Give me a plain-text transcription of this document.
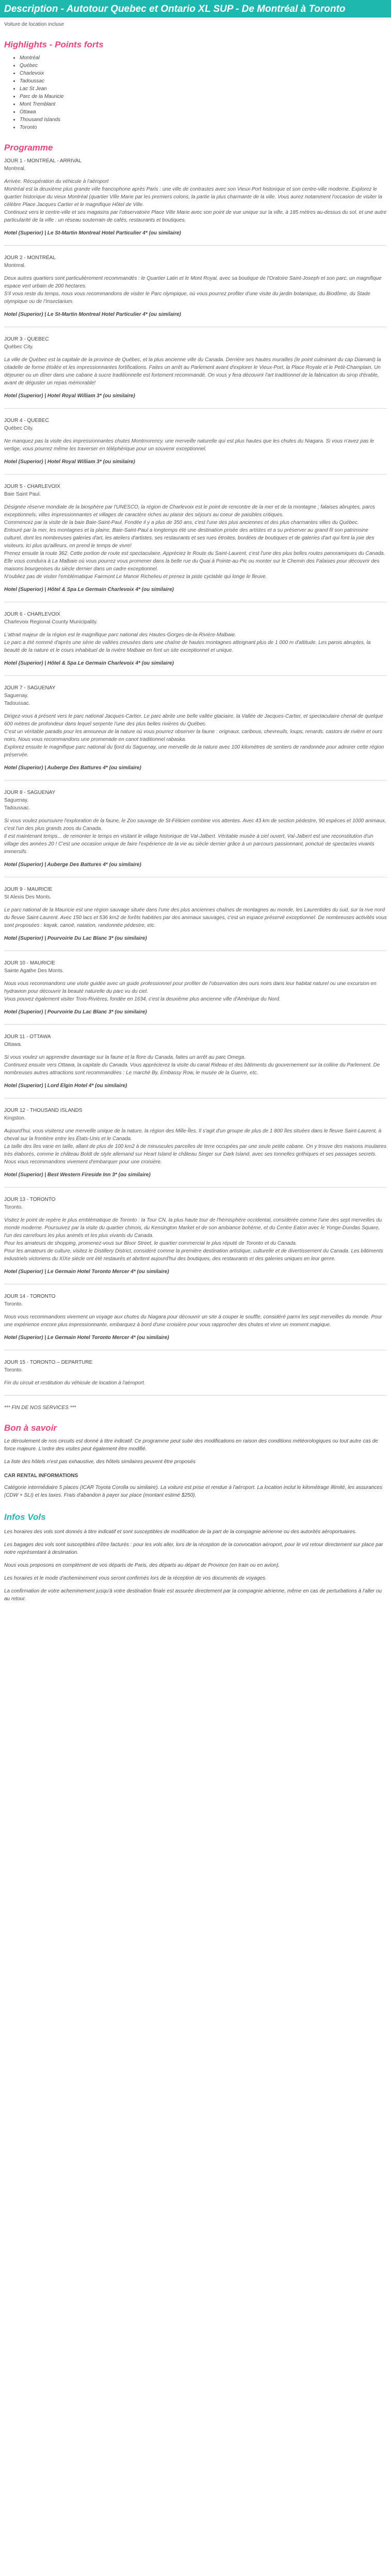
Description - Autotour Quebec et Ontario XL SUP - De Montréal à Toronto
Voiture de location incluse
Highlights - Points forts
• Montréal
• Québec
• Charlevoix
• Tadoussac
• Lac St Jean
• Parc de la Mauricie
• Mont Tremblant
• Ottawa
• Thousand Islands
• Toronto
Programme
JOUR 1 - MONTRÉAL - ARRIVAL
Montreal.

Arrivée. Récupération du véhicule à l'aéroport

Montréal est la deuxième plus grande ville francophone après Paris : une ville de contrastes avec son Vieux-Port historique et son centre-ville moderne. Explorez le quartier historique du vieux Montréal (quartier Ville Marie par les premiers colons, la partie la plus charmante de la ville. Vous aurez notamment l'occasion de visiter la célèbre Place Jacques Cartier et le magnifique Hôtel de Ville.

Continuez vers le centre-ville et ses magasins par l'observatoire Place Ville Marie avec son point de vue unique sur la ville, à 185 mètres au-dessus du sol, et une autre particularité de la ville : un réseau souterrain de cafés, restaurants et boutiques.

Hotel (Superior) | Le St-Martin Montreal Hotel Particulier 4* (ou similaire)
JOUR 2 - MONTRÉAL
Montreal.

Deux autres quartiers sont particulièrement recommandés : le Quartier Latin et le Mont Royal, avec sa boutique de l'Oratoire Saint-Joseph et son parc, un magnifique espace vert urbain de 200 hectares.

S'il vous reste du temps, nous vous recommandons de visiter le Parc olympique, où vous pourrez profiter d'une visite du jardin botanique, du Biodôme, du Stade olympique ou de l'Insectarium.

Hotel (Superior) | Le St-Martin Montreal Hotel Particulier 4* (ou similaire)
JOUR 3 - QUEBEC
Québec City.

La ville de Québec est la capitale de la province de Québec, et la plus ancienne ville du Canada. Derrière ses hautes murailles (le point culminant du cap Diamant) la citadelle de forme étoilée et les impressionnantes fortifications. Faites un arrêt au Parlement avant d'explorer le Vieux-Port, la Place Royale et le Petit-Champlain. Un déjeuner ou un dîner dans une cabane à sucre traditionnelle est fortement recommandé. On vous y fera découvrir l'art traditionnel de la fabrication du sirop d'érable, avant de déguster un repas mémorable!

Hotel (Superior) | Hotel Royal William 3* (ou similaire)
JOUR 4 - QUEBEC
Québec City.

Ne manquez pas la visite des impressionnantes chutes Montmorency, une merveille naturelle qui est plus hautes que les chutes du Niagara. Si vous n'avez pas le vertige, vous pourrez même les traverser en téléphérique pour un souvenir exceptionnel.

Hotel (Superior) | Hotel Royal William 3* (ou similaire)
JOUR 5 - CHARLEVOIX
Baie Saint Paul.

Désignée réserve mondiale de la biosphère par l'UNESCO, la région de Charlevoix est le point de rencontre de la mer et de la montagne ; falaises abruptes, parcs exceptionnels, villes impressionnantes et villages de caractère riches au plaisir des séjours au coeur de paisibles critiques.

Commencez par la visite de la baie Baie-Saint-Paul. Fondée il y a plus de 350 ans, c'est l'une des plus anciennes et des plus charmantes villes du Québec.

Entouré par la mer, les montagnes et la plaine, Baie-Saint-Paul a longtemps été une destination prisée des artistes et a su préserver au grand fil son patrimoine culturel, dont les nombreuses galeries d'art, les ateliers d'artistes, ses restaurants et ses rues étroites, bordées de boutiques et de galeries d'art qui font la joie des visiteurs. Ici plus qu'ailleurs, on prend le temps de vivre!

Prenez ensuite la route 362. Cette portion de route est spectaculaire. Appréciez le Route du Saint-Laurent, c'est l'une des plus belles routes panoramiques du Canada.

Elle vous conduira à La Malbaie où vous pourrez vous promener dans la belle rue du Quai à Pointe-au-Pic ou monter sur le Chemin des Falaises pour découvrir des maisons bourgeoises du siècle dernier dans un cadre exceptionnel.

N'oubliez pas de visiter l'emblématique Fairmont Le Manoir Richelieu et prenez la piste cyclable qui longe le fleuve.

Hotel (Superior) | Hôtel & Spa Le Germain Charlevoix 4* (ou similaire)
JOUR 6 - CHARLEVOIX
Charlevoix Regional County Municipality.

L'attrait majeur de la région est le magnifique parc national des Hautes-Gorges-de-la-Rivière-Malbaie.

Le parc a été nommé d'après une série de vallées creusées dans une chaîne de hautes montagnes atteignant plus de 1 000 m d'altitude. Les parois abruptes, la beauté de la nature et le cours inhabituel de la rivière Malbaie en font un site exceptionnel et unique.

Hotel (Superior) | Hôtel & Spa Le Germain Charlevoix 4* (ou similaire)
JOUR 7 - SAGUENAY
Saguenay.
Tadoussac.

Dirigez-vous à présent vers le parc national Jacques-Cartier. Le parc abrite une belle vallée glaciaire, la Vallée de Jacques-Cartier, et spectaculaire chenal de quelque 600 mètres de profondeur dans lequel serpente l'une des plus belles rivières du Québec.

C'est un véritable paradis pour les amoureux de la nature où vous pourrez observer la faune : orignaux, caribous, chevreuils, loups, renards, castors de rivière et ours noirs. Nous vous recommandons une promenade en canot traditionnel rabaska.

Explorez ensuite le magnifique parc national du fjord du Saguenay, une merveille de la nature avec 100 kilomètres de sentiers de randonnée pour admirer cette région préservée.

Hotel (Superior) | Auberge Des Battures 4* (ou similaire)
JOUR 8 - SAGUENAY
Saguenay.
Tadoussac.

Si vous voulez poursuivre l'exploration de la faune, le Zoo sauvage de St-Félicien combine vos attentes. Avec 43 km de section pédestre, 90 espèces et 1000 animaux, c'est l'un des plus grands zoos du Canada.

Il est maintenant temps... de remonter le temps en visitant le village historique de Val-Jalbert. Véritable musée à ciel ouvert, Val-Jalbert est une reconstitution d'un village des années 20 ! C'est une occasion unique de faire l'expérience de la vie au siècle dernier grâce à un parcours passionnant, ponctué de spectacles vivants immersifs.

Hotel (Superior) | Auberge Des Battures 4* (ou similaire)
JOUR 9 - MAURICIE
St Alexis Des Monts.

Le parc national de la Mauricie est une région sauvage située dans l'une des plus anciennes chaînes de montagnes au monde, les Laurentides du sud, sur la rive nord du fleuve Saint-Laurent. Avec 150 lacs et 536 km2 de forêts habitées par des animaux sauvages, c'est un espace préservé exceptionnel. De nombreuses activités vous sont proposées : kayak, canoë, natation, randonnée pédestre, etc.

Hotel (Superior) | Pourvoirie Du Lac Blanc 3* (ou similaire)
JOUR 10 - MAURICIE
Sainte Agathe Des Monts.

Nous vous recommandons une visite guidée avec un guide professionnel pour profiter de l'observation des ours noirs dans leur habitat naturel ou une excursion en hydravion pour découvrir la beauté naturelle du parc vu du ciel.

Vous pouvez également visiter Trois-Rivières, fondée en 1634, c'est la deuxième plus ancienne ville d'Amérique du Nord.

Hotel (Superior) | Pourvoirie Du Lac Blanc 3* (ou similaire)
JOUR 11 - OTTAWA
Ottawa.

Si vous voulez un apprendre davantage sur la faune et la flore du Canada, faites un arrêt au parc Omega.

Continuez ensuite vers Ottawa, la capitale du Canada. Vous apprécierez la visite du canal Rideau et des bâtiments du gouvernement sur la colline du Parlement. De nombreuses autres attractions sont recommandées : Le marché By, Embassy Row, le musée de la Guerre, etc.

Hotel (Superior) | Lord Elgin Hotel 4* (ou similaire)
JOUR 12 - THOUSAND ISLANDS
Kingston.

Aujourd'hui, vous visiterez une merveille unique de la nature, la région des Mille-Îles. Il s'agit d'un groupe de plus de 1 800 îles situées dans le fleuve Saint-Laurent, à cheval sur la frontière entre les États-Unis et le Canada.

La taille des îles varie en taille, allant de plus de 100 km2 à de minuscules parcelles de terre occupées par une seule petite cabane. On y trouve des maisons insulaires très élaborés, comme le château Boldt de style allemand sur Heart Island le château Singer sur Dark Island, avec ses tonnelles gothiques et ses passages secrets.

Nous vous recommandons vivement d'embarquer pour une croisière.

Hotel (Superior) | Best Western Fireside Inn 3* (ou similaire)
JOUR 13 - TORONTO
Toronto.

Visitez le point de repère le plus emblématique de Toronto : la Tour CN, la plus haute tour de l'hémisphère occidental, considérée comme l'une des sept merveilles du monde moderne. Poursuivez par la visite du quartier chinois, du Kensington Market et de son ambiance bohème, et du Centre Eaton avec le Yonge-Dundas Square, l'un des carrefours les plus animés et les plus vivants du Canada.

Pour les amateurs de shopping, promenez-vous sur Bloor Street, le quartier commercial le plus réputé de Toronto et du Canada.

Pour les amateurs de culture, visitez le Distillery District, considéré comme la première destination artistique, culturelle et de divertissement du Canada. Les bâtiments industriels victoriens du XIXe siècle ont été restaurés et abritent aujourd'hui des boutiques, des restaurants et des galeries uniques en leur genre.

Hotel (Superior) | Le Germain Hotel Toronto Mercer 4* (ou similaire)
JOUR 14 - TORONTO
Toronto.

Nous vous recommandons vivement un voyage aux chutes du Niagara pour découvrir un site à couper le souffle, considéré parmi les sept merveilles du monde. Pour une expérience encore plus impressionnante, embarquez à bord d'une croisière pour vous rapprocher des chutes et vivre un moment magique.

Hotel (Superior) | Le Germain Hotel Toronto Mercer 4* (ou similaire)
JOUR 15 - TORONTO – DEPARTURE
Toronto.

Fin du circuit et restitution du véhicule de location à l'aéroport.

*** FIN DE NOS SERVICES ***

Bon à savoir

Le déroulement de nos circuits est donné à titre indicatif. Ce programme peut subir des modifications en raison des conditions météorologiques ou tout autre cas de force majeure. L'ordre des visites peut également être modifié.

La liste des hôtels n'est pas exhaustive, des hôtels similaires peuvent être proposés

CAR RENTAL INFORMATIONS

Catégorie intermédiaire 5 places (ICAR Toyota Corolla ou similaire). La voiture est prise et rendue à l'aéroport. La location inclut le kilométrage illimité, les assurances (CDW + SLI) et les taxes. Frais d'abandon à payer sur place (montant estimé $250).

Infos Vols

Les horaires des vols sont donnés à titre indicatif et sont susceptibles de modification de la part de la compagnie aérienne ou des autorités aéroportuaires.

Les bagages des vols sont susceptibles d'être facturés : pour les vols aller, lors de la réception de la convocation aéroport, pour le vol retour directement sur place par notre représentant à destination.

Nous vous proposons en complément de vos départs de Paris, des départs au départ de Province (en train ou en avion).

Les horaires et le mode d'acheminement vous seront confirmés lors de la réception de vos documents de voyages.

La confirmation de votre acheminement jusqu'à votre destination finale est assurée directement par la compagnie aérienne, même en cas de perturbations à l'aller ou au retour.
